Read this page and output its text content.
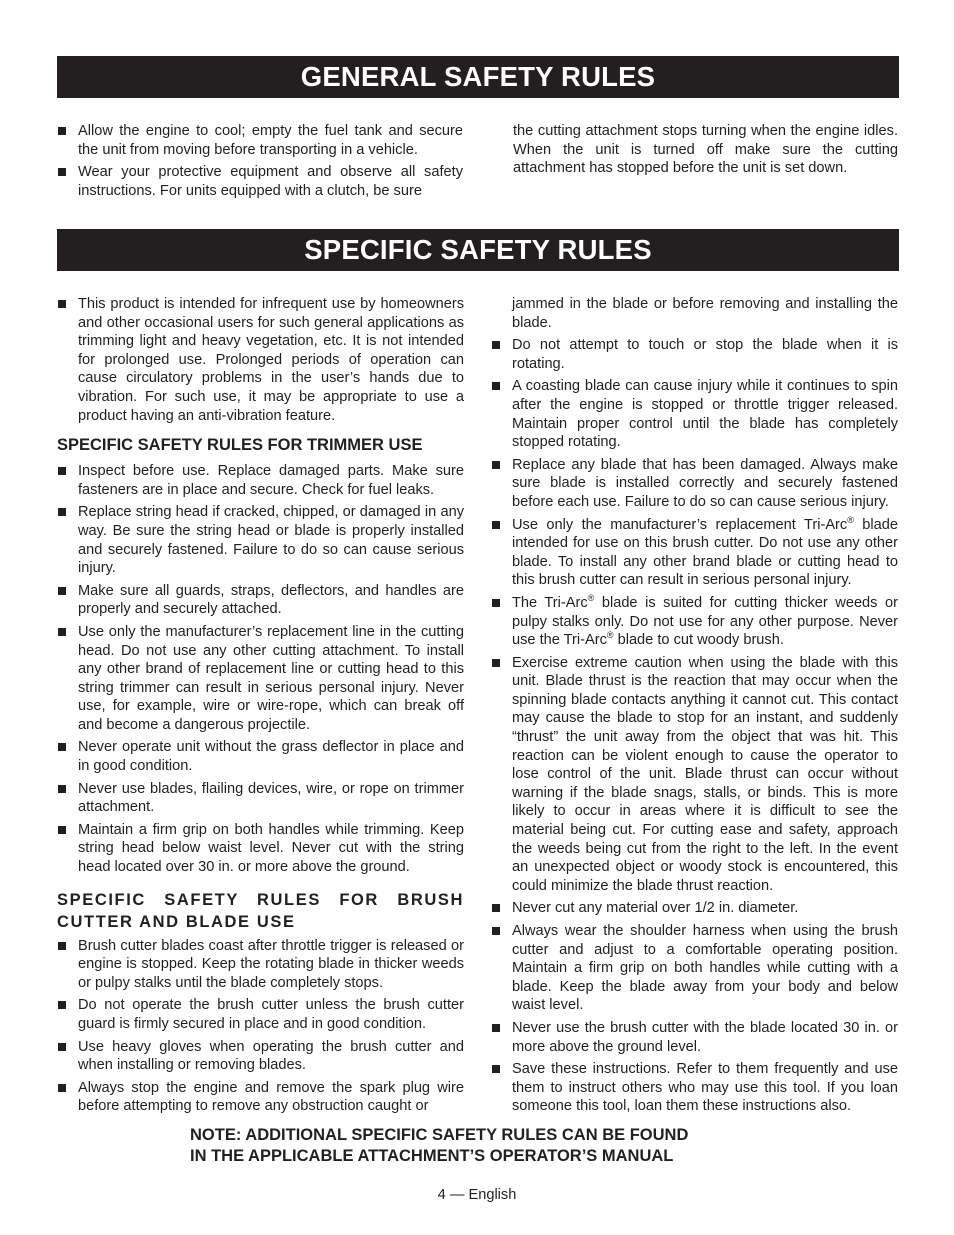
GENERAL SAFETY RULES
Allow the engine to cool; empty the fuel tank and secure the unit from moving before transporting in a vehicle.
Wear your protective equipment and observe all safety instructions. For units equipped with a clutch, be sure
the cutting attachment stops turning when the engine idles. When the unit is turned off make sure the cutting attachment has stopped before the unit is set down.
SPECIFIC SAFETY RULES
This product is intended for infrequent use by homeowners and other occasional users for such general applications as trimming light and heavy vegetation, etc. It is not intended for prolonged use. Prolonged periods of operation can cause circulatory problems in the user’s hands due to vibration. For such use, it may be appropriate to use a product having an anti-vibration feature.
SPECIFIC SAFETY RULES FOR TRIMMER USE
Inspect before use. Replace damaged parts. Make sure fasteners are in place and secure. Check for fuel leaks.
Replace string head if cracked, chipped, or damaged in any way. Be sure the string head or blade is properly installed and securely fastened. Failure to do so can cause serious injury.
Make sure all guards, straps, deflectors, and handles are properly and securely attached.
Use only the manufacturer’s replacement line in the cutting head. Do not use any other cutting attachment. To install any other brand of replacement line or cutting head to this string trimmer can result in serious personal injury. Never use, for example, wire or wire-rope, which can break off and become a dangerous projectile.
Never operate unit without the grass deflector in place and in good condition.
Never use blades, flailing devices, wire, or rope on trimmer attachment.
Maintain a firm grip on both handles while trimming. Keep string head below waist level. Never cut with the string head located over 30 in. or more above the ground.
SPECIFIC SAFETY RULES FOR BRUSH CUTTER AND BLADE USE
Brush cutter blades coast after throttle trigger is released or engine is stopped. Keep the rotating blade in thicker weeds or pulpy stalks until the blade completely stops.
Do not operate the brush cutter unless the brush cutter guard is firmly secured in place and in good condition.
Use heavy gloves when operating the brush cutter and when installing or removing blades.
Always stop the engine and remove the spark plug wire before attempting to remove any obstruction caught or
jammed in the blade or before removing and installing the blade.
Do not attempt to touch or stop the blade when it is rotating.
A coasting blade can cause injury while it continues to spin after the engine is stopped or throttle trigger released. Maintain proper control until the blade has completely stopped rotating.
Replace any blade that has been damaged. Always make sure blade is installed correctly and securely fastened before each use. Failure to do so can cause serious injury.
Use only the manufacturer’s replacement Tri-Arc® blade intended for use on this brush cutter. Do not use any other blade. To install any other brand blade or cutting head to this brush cutter can result in serious personal injury.
The Tri-Arc® blade is suited for cutting thicker weeds or pulpy stalks only. Do not use for any other purpose. Never use the Tri-Arc® blade to cut woody brush.
Exercise extreme caution when using the blade with this unit. Blade thrust is the reaction that may occur when the spinning blade contacts anything it cannot cut. This contact may cause the blade to stop for an instant, and suddenly “thrust” the unit away from the object that was hit. This reaction can be violent enough to cause the operator to lose control of the unit. Blade thrust can occur without warning if the blade snags, stalls, or binds. This is more likely to occur in areas where it is difficult to see the material being cut. For cutting ease and safety, approach the weeds being cut from the right to the left. In the event an unexpected object or woody stock is encountered, this could minimize the blade thrust reaction.
Never cut any material over 1/2 in. diameter.
Always wear the shoulder harness when using the brush cutter and adjust to a comfortable operating position. Maintain a firm grip on both handles while cutting with a blade. Keep the blade away from your body and below waist level.
Never use the brush cutter with the blade located 30 in. or more above the ground level.
Save these instructions. Refer to them frequently and use them to instruct others who may use this tool. If you loan someone this tool, loan them these instructions also.
NOTE: ADDITIONAL SPECIFIC SAFETY RULES CAN BE FOUND
IN THE APPLICABLE ATTACHMENT’S OPERATOR’S MANUAL
4 — English
